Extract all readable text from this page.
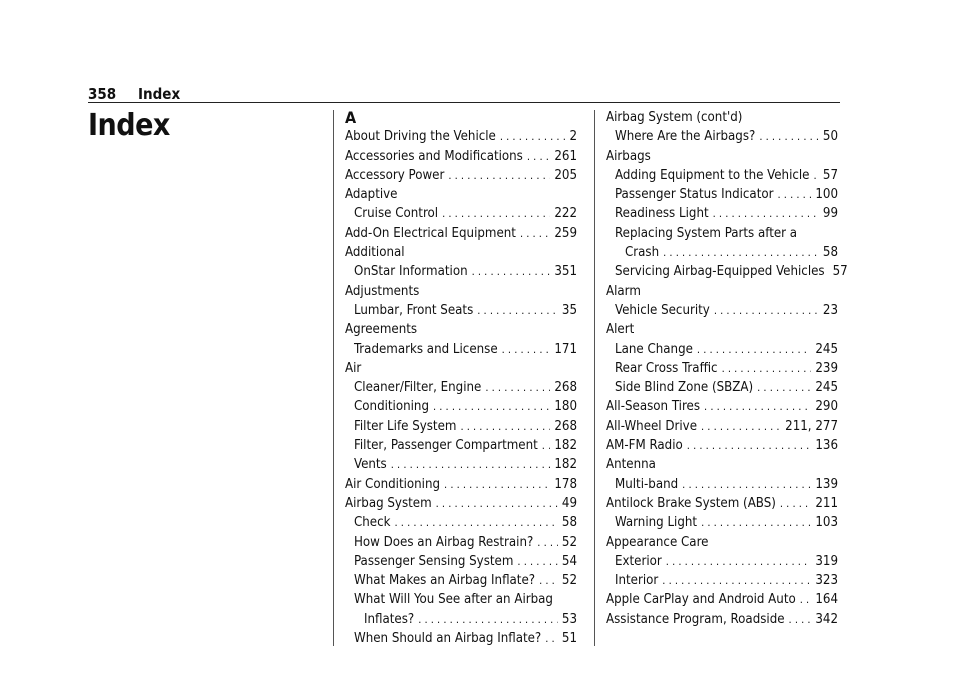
358 Index
Index	A
About Driving the Vehicle . . .	2
Accessories and Modifications . . . 261
Accessory Power . . .	205
Adaptive
Cruise Control . . .	222
Add-On Electrical Equipment . . .	259
Additional
OnStar Information . . .	351
Adjustments
Lumbar, Front Seats . . .	35
Agreements
Trademarks and License . . .	171
Air
Cleaner/Filter, Engine . . .	268
Conditioning . . .	180
Filter Life System . . .	268
Filter, Passenger Compartment . . . 182
Vents . . .	182
Air Conditioning . . .	178
Airbag System . . .	49
Check . . .	58
How Does an Airbag Restrain? . . . 52
Passenger Sensing System . . .	54
What Makes an Airbag Inflate? . . . 52
What Will You See after an Airbag
Inflates? . . .	53
When Should an Airbag Inflate? . . . 51
Airbag System (cont'd)
Where Are the Airbags? . . .	50
Airbags
Adding Equipment to the Vehicle . . . 57
Passenger Status Indicator . . .	100
Readiness Light . . .	99
Replacing System Parts after a
Crash . . .	58
Servicing Airbag-Equipped Vehicles 57
Alarm
Vehicle Security . . .	23
Alert
Lane Change . . .	245
Rear Cross Traffic . . .	239
Side Blind Zone (SBZA) . . .	245
All-Season Tires . . .	290
All-Wheel Drive . . .	211, 277
AM-FM Radio . . .	136
Antenna
Multi-band . . .	139
Antilock Brake System (ABS) . . .	211
Warning Light . . .	103
Appearance Care
Exterior . . .	319
Interior . . .	323
Apple CarPlay and Android Auto . . . 164
Assistance Program, Roadside . . . 342
